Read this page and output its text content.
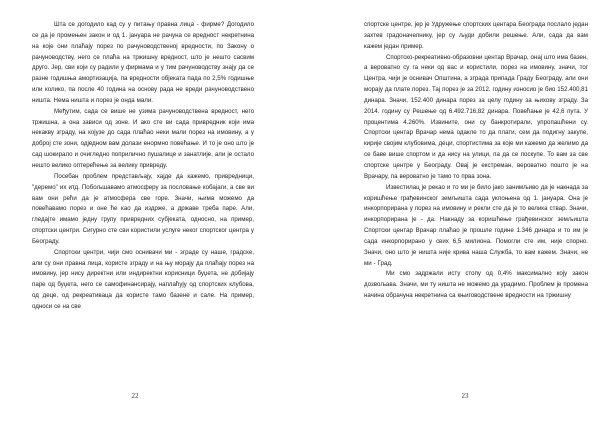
Шта се догодило кад су у питању правна лица - фирме? Догодило се да је промењен закон и од 1. јануара не рачуна се вредност некретнина на које они плаћају порез по рачуноводственој вредности, по Закону о рачуноводству, него се плаћа на тржишну вредност, што је нешто сасвим друго. Јер, сви који су радили у фирмама и у тим рачуноводству знају да се разне годишња амортизација, па вредности објеката пада по 2,5% годишње или колико, па после 40 година на основу рада не вреди рачуноводствено ништа. Нема ништа и порез је онда мали.

Међутим, сада се више не узима рачуноводствена вредност, него тржишна, а она зависи од зоне. И ако сте ви сада привредник који има некакву зграду, на којузе до сада плаћао неки мали порез на имовину, а у доброј сте зони, одједном вам долази енормно повећање. И то је оно што је сад шокирало и очигледно поприлично пушалице и занатлије, али је остало нешто велико оптерећење за велику привреду.

Посебан проблем представљају, хајде да кажемо, привредници, "деремо" их итд. Побољшавамо атмосферу за пословање кобајаги, а све ви вам они рећи да је атмосфера све горе. Значи, њима можемо да повећавамо порез и оне ће као да издрже, а државе треба паре. Али, гледајте имамо једну групу привредних субјеката, односно, на пример, спортски центри. Сигурно сте сви користили услуге неког спортског центра у Београду.

Спортски центри, чији смо оснивачи ми - зграде су наше, градске, али су они правна лица, користе зграду и на њу морају да плаћају порез на имовину, јер нису директни или индиректни корисници буџета, не добијају паре од буџета, него се самофинансирају, наплаћују од спортских клубова, од деце, од рекреативаца да користе тамо базене и сале. На пример, односи се на све

22

спортске центре, јер је Удружење спортских центара Београда послало један захтев градоначелнику, јер су људи добили решење. Али, сада да вам кажем један пример.

Спортско-рекреативно-образовни центар Врачар, онај што има базен, а вероватно су га неки од вас и користили, порез на имовину, значи, тог Центра, чији је оснивач Општина, а зграда припада Граду Београду, али они морају да плате порез. Тај порез је за 2012. годину износио је био 152.400,81 динара. Значи, 152.400 динара порез за целу годину за њихову зграду. За 2014. годину су Решење од 6.492.716,82 динара. Повећање је 42,6 пута. У процентима 4.260%. Извините, они су банкротирали, упропашћени су. Спортски центар Врачар нема одакле то да плати, сем да подигну закупе, кирије својим клубовима, деци, спортистима за које ми кажемо да желимо да се баве више спортом и да нису на улици, па да се поскупе. То вам за све спортске центре у Београду. Овај је екстреман, вероватно пошто је на Врачару, па вероватно је тамо то прва зона.

Известилац је рекао и то ми је било јако занимљиво да је накнада за коришћење грађевинског земљишта сада уклоњена од 1. јануара. Она је инкорпорирана у порез на имовину и рекли сте да је то велика ствар. Значи, инкорпорирана је - да. Накнаду за коришћење грађевинског земљишта Спортски центар Врачар плаћао је прошле године 1.346 динара и то им је сада инкорпорирано у свих 6,5 милиона. Помогли сте им, није спорно. Значи, оно што је ништа није крива наша Служба, то вам кажем. Значи, не ми - Град.

Ми смо задржали исту стопу од 0,4% максимално коју закон дозвољава. Значи, ми ту ништа не можемо да урадимо. Проблем је промена начина обрачуна некретнина са књиговодствене вредности на тржишну

23
